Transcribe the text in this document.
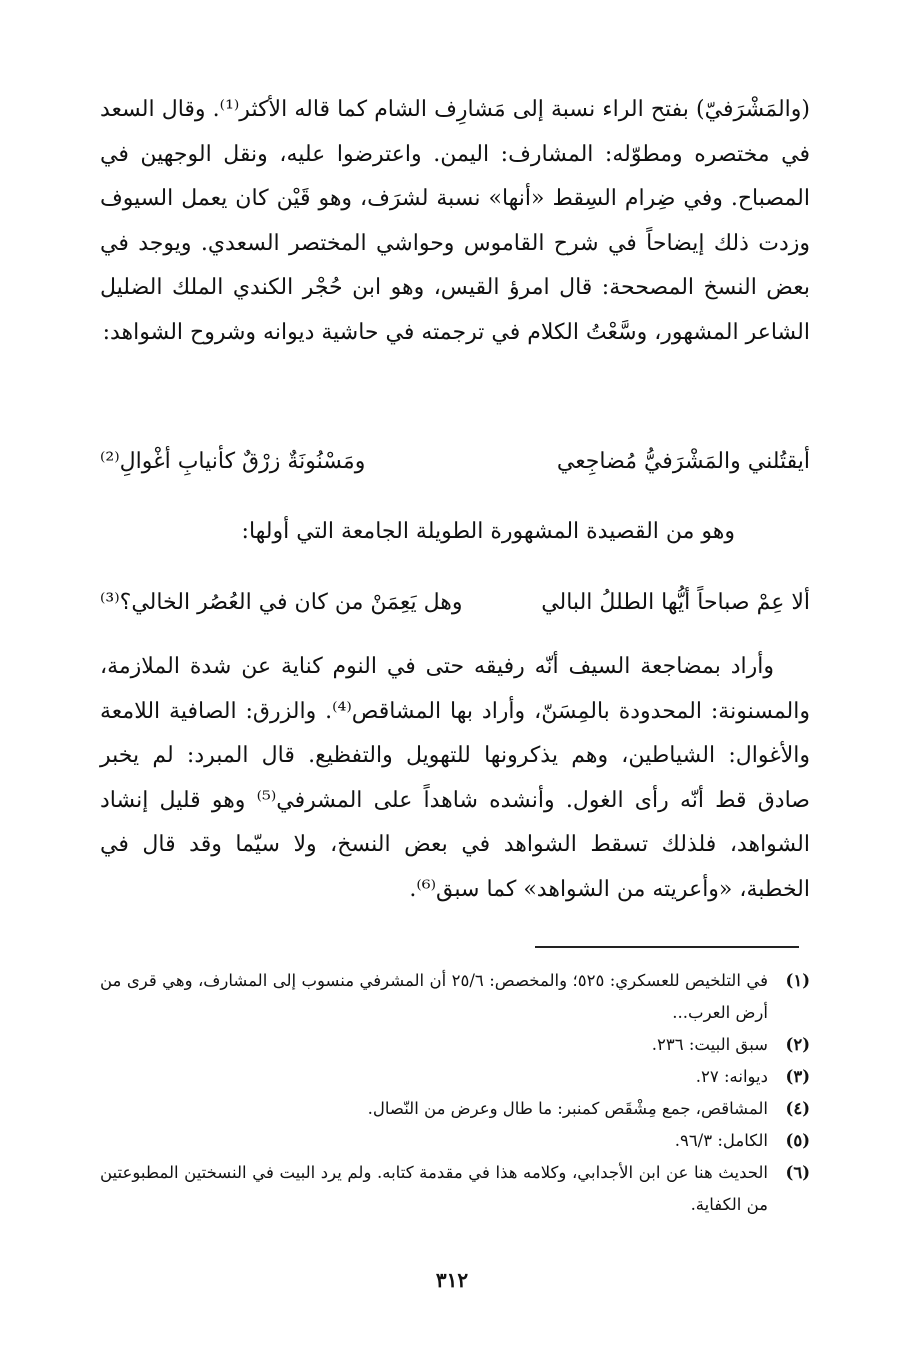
(والمَشْرَفيّ) بفتح الراء نسبة إلى مَشارِف الشام كما قاله الأكثر⁽¹⁾. وقال السعد في مختصره ومطوّله: المشارف: اليمن. واعترضوا عليه، ونقل الوجهين في المصباح. وفي ضِرام السِقط «أنها» نسبة لشرَف، وهو قَيْن كان يعمل السيوف وزدت ذلك إيضاحاً في شرح القاموس وحواشي المختصر السعدي. ويوجد في بعض النسخ المصححة: قال امرؤ القيس، وهو ابن حُجْر الكندي الملك الضليل الشاعر المشهور، وسَّعْتُ الكلام في ترجمته في حاشية ديوانه وشروح الشواهد:

أيقتُلني والمَشْرَفيُّ مُضاجِعي
ومَسْنُونَةٌ زرْقٌ كأنيابِ أغْوالِ⁽²⁾
وهو من القصيدة المشهورة الطويلة الجامعة التي أولها:
ألا عِمْ صباحاً أيُّها الطللُ البالي
وهل يَعِمَنْ من كان في العُصُر الخالي؟⁽³⁾

وأراد بمضاجعة السيف أنّه رفيقه حتى في النوم كناية عن شدة الملازمة، والمسنونة: المحدودة بالمِسَنّ، وأراد بها المشاقص⁽⁴⁾. والزرق: الصافية اللامعة والأغوال: الشياطين، وهم يذكرونها للتهويل والتفظيع. قال المبرد: لم يخبر صادق قط أنّه رأى الغول. وأنشده شاهداً على المشرفي⁽⁵⁾ وهو قليل إنشاد الشواهد، فلذلك تسقط الشواهد في بعض النسخ، ولا سيّما وقد قال في الخطبة، «وأعريته من الشواهد» كما سبق⁽⁶⁾.

(١)
في التلخيص للعسكري: ٥٢٥؛ والمخصص: ٢٥/٦ أن المشرفي منسوب إلى المشارف، وهي قرى من أرض العرب...
(٢)
سبق البيت: ٢٣٦.
(٣)
ديوانه: ٢٧.
(٤)
المشاقص، جمع مِشْقَص كمنبر: ما طال وعرض من النّصال.
(٥)
الكامل: ٩٦/٣.
(٦)
الحديث هنا عن ابن الأجدابي، وكلامه هذا في مقدمة كتابه. ولم يرد البيت في النسختين المطبوعتين من الكفاية.
٣١٢
